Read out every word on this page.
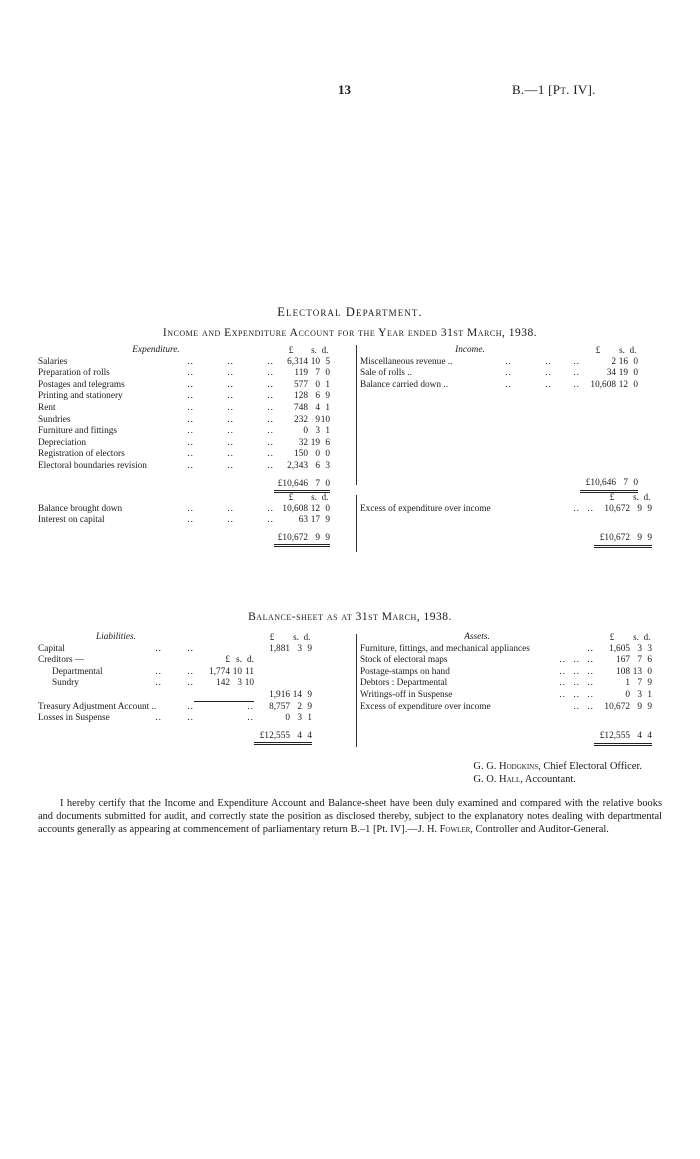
13	B.—1 [Pt. IV].
Electoral Department.
Income and Expenditure Account for the Year ended 31st March, 1938.
Expenditure.				£	s.	d.
Salaries	..	..	..	6,314	10	5
Preparation of rolls	..	..	..	119	7	0
Postages and telegrams	..	..	..	577	0	1
Printing and stationery	..	..	..	128	6	9
Rent	..	..	..	748	4	1
Sundries	..	..	..	232	9	10
Furniture and fittings	..	..	..	0	3	1
Depreciation	..	..	..	32	19	6
Registration of electors	..	..	..	150	0	0
Electoral boundaries revision	..	..	..	2,343	6	3

				£10,646	7	0

Income.				£	s.	d.
Miscellaneous revenue ..	..	..	..	2	16	0
Sale of rolls ..	..	..	..	34	19	0
Balance carried down ..	..	..	..	10,608	12	0

				£10,646	7	0

				£	s.	d.
Balance brought down	..	..	..	10,608	12	0
Interest on capital	..	..	..	63	17	9

				£10,672	9	9

			£	s.	d.
Excess of expenditure over income	..	..	10,672	9	9

			£10,672	9	9

Balance-sheet as at 31st March, 1938.
Liabilities.						£	s.	d.
Capital	..	..				1,881	3	9
Creditors —			£	s.	d.			
Departmental	..	..	1,774	10	11			
Sundry	..	..	142	3	10			

			1,916	14	9
Treasury Adjustment Account ..		..			..	8,757	2	9
Losses in Suspense	..	..			..	0	3	1

						£12,555	4	4

Assets.				£	s.	d.
Furniture, fittings, and mechanical appliances			..	1,605	3	3
Stock of electoral maps	..	..	..	167	7	6
Postage-stamps on hand	..	..	..	108	13	0
Debtors : Departmental	..	..	..	1	7	9
Writings-off in Suspense	..	..	..	0	3	1
Excess of expenditure over income		..	..	10,672	9	9

				£12,555	4	4

G. G. Hodgkins, Chief Electoral Officer.
G. O. Hall, Accountant.
I hereby certify that the Income and Expenditure Account and Balance-sheet have been duly examined and compared with the relative books and documents submitted for audit, and correctly state the position as disclosed thereby, subject to the explanatory notes dealing with departmental accounts generally as appearing at commencement of parliamentary return B.–1 [Pt. IV].—J. H. Fowler, Controller and Auditor-General.
